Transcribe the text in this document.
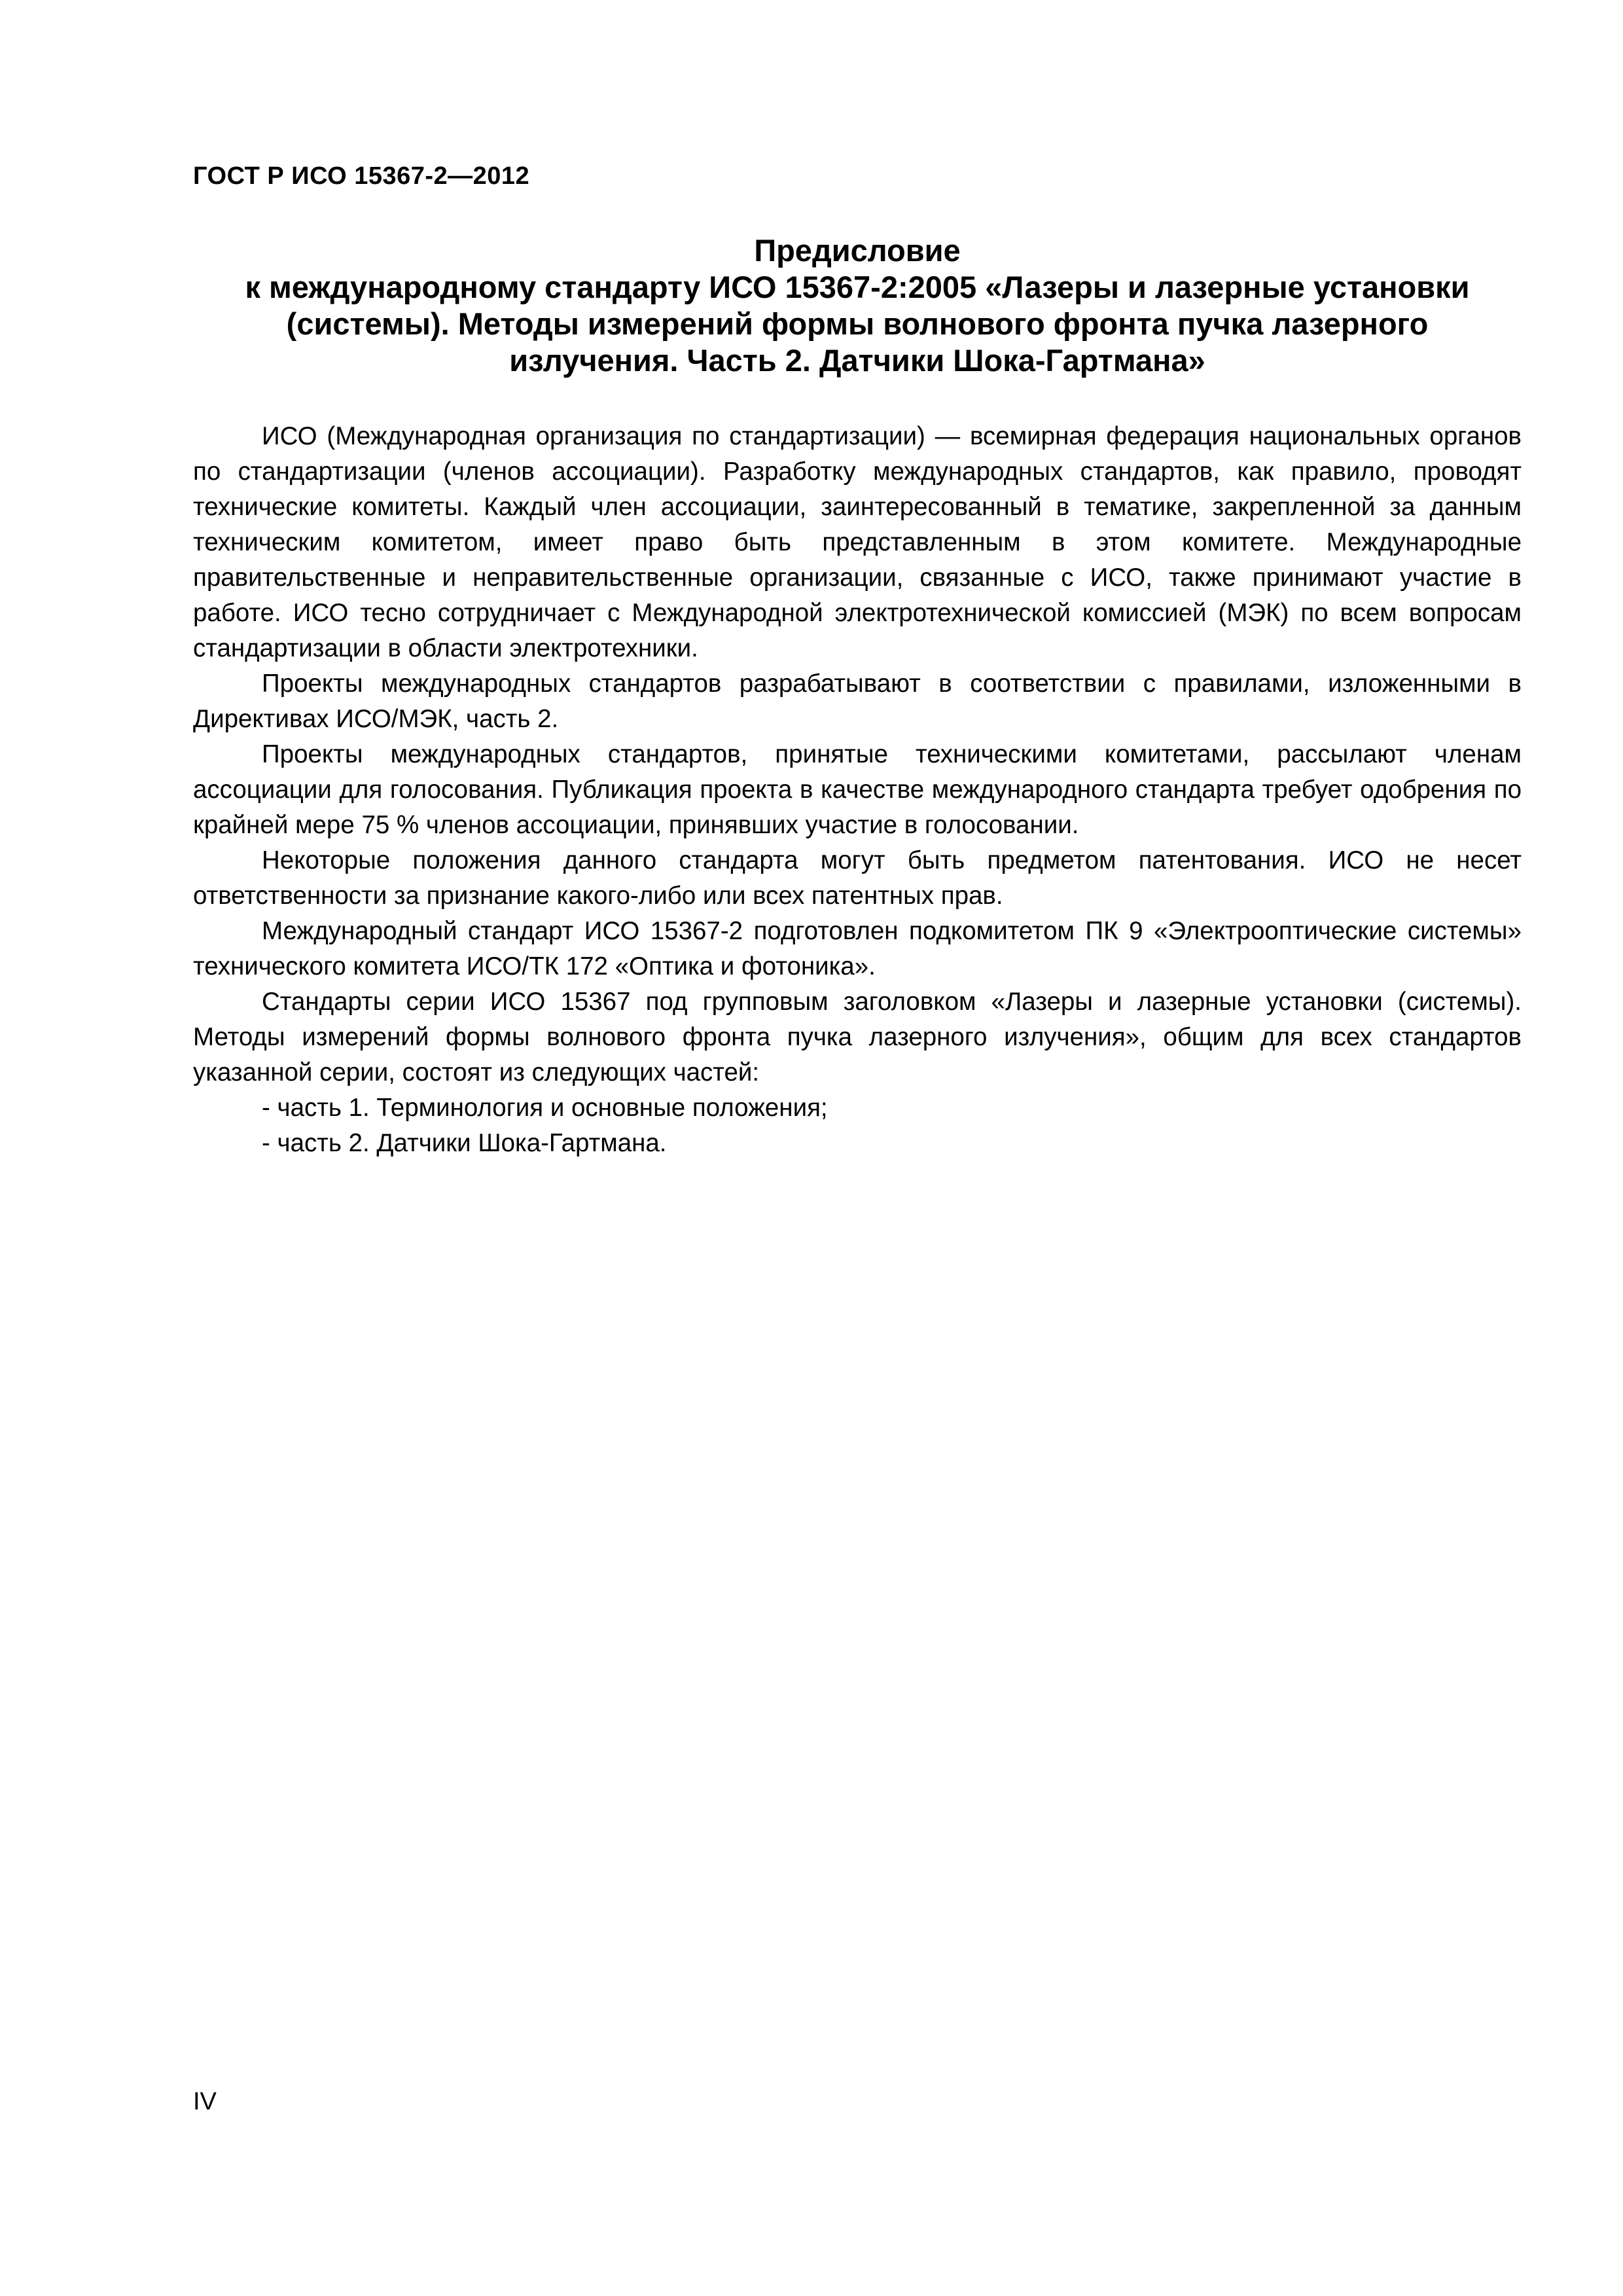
ГОСТ Р ИСО 15367-2—2012
Предисловие
к международному стандарту ИСО 15367-2:2005 «Лазеры и лазерные установки
(системы). Методы измерений формы волнового фронта пучка лазерного
излучения. Часть 2. Датчики Шока-Гартмана»

ИСО (Международная организация по стандартизации) — всемирная федерация национальных органов по стандартизации (членов ассоциации). Разработку международных стандартов, как правило, проводят технические комитеты. Каждый член ассоциации, заинтересованный в тематике, закрепленной за данным техническим комитетом, имеет право быть представленным в этом комитете. Международные правительственные и неправительственные организации, связанные с ИСО, также принимают участие в работе. ИСО тесно сотрудничает с Международной электротехнической комиссией (МЭК) по всем вопросам стандартизации в области электротехники.

Проекты международных стандартов разрабатывают в соответствии с правилами, изложенными в Директивах ИСО/МЭК, часть 2.

Проекты международных стандартов, принятые техническими комитетами, рассылают членам ассоциации для голосования. Публикация проекта в качестве международного стандарта требует одобрения по крайней мере 75 % членов ассоциации, принявших участие в голосовании.

Некоторые положения данного стандарта могут быть предметом патентования. ИСО не несет ответственности за признание какого-либо или всех патентных прав.

Международный стандарт ИСО 15367-2 подготовлен подкомитетом ПК 9 «Электрооптические системы» технического комитета ИСО/ТК 172 «Оптика и фотоника».

Стандарты серии ИСО 15367 под групповым заголовком «Лазеры и лазерные установки (системы). Методы измерений формы волнового фронта пучка лазерного излучения», общим для всех стандартов указанной серии, состоят из следующих частей:

- часть 1. Терминология и основные положения;

- часть 2. Датчики Шока-Гартмана.

IV
